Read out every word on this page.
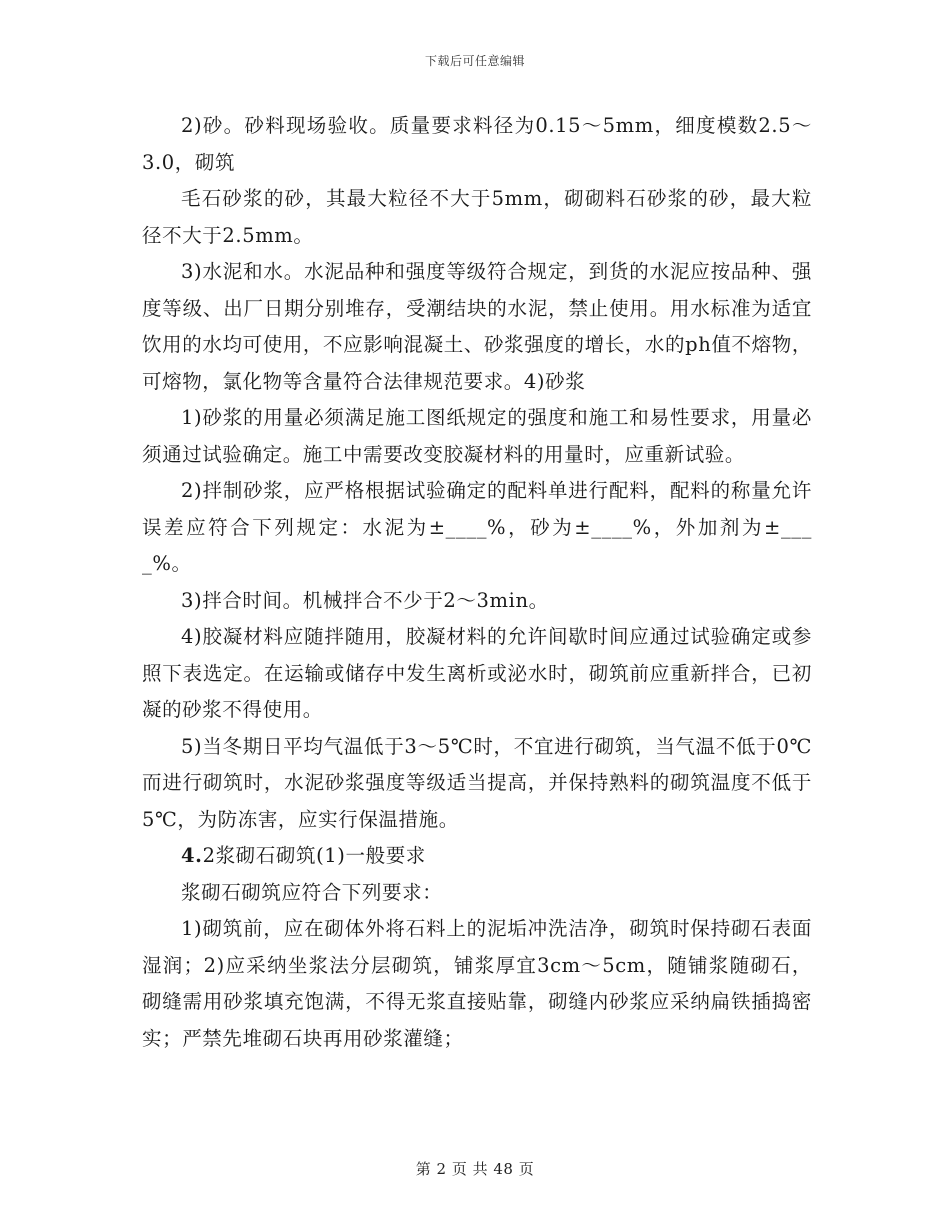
下载后可任意编辑

2)砂。砂料现场验收。质量要求料径为0.15～5mm，细度模数2.5～3.0，砌筑

毛石砂浆的砂，其最大粒径不大于5mm，砌砌料石砂浆的砂，最大粒径不大于2.5mm。

3)水泥和水。水泥品种和强度等级符合规定，到货的水泥应按品种、强度等级、出厂日期分别堆存，受潮结块的水泥，禁止使用。用水标准为适宜饮用的水均可使用，不应影响混凝土、砂浆强度的增长，水的ph值不熔物，可熔物，氯化物等含量符合法律规范要求。4)砂浆

1)砂浆的用量必须满足施工图纸规定的强度和施工和易性要求，用量必须通过试验确定。施工中需要改变胶凝材料的用量时，应重新试验。

2)拌制砂浆，应严格根据试验确定的配料单进行配料，配料的称量允许误差应符合下列规定：水泥为±____%，砂为±____%，外加剂为±____%。

3)拌合时间。机械拌合不少于2～3min。

4)胶凝材料应随拌随用，胶凝材料的允许间歇时间应通过试验确定或参照下表选定。在运输或储存中发生离析或泌水时，砌筑前应重新拌合，已初凝的砂浆不得使用。

5)当冬期日平均气温低于3～5℃时，不宜进行砌筑，当气温不低于0℃而进行砌筑时，水泥砂浆强度等级适当提高，并保持熟料的砌筑温度不低于5℃，为防冻害，应实行保温措施。

4.2浆砌石砌筑(1)一般要求

浆砌石砌筑应符合下列要求：

1)砌筑前，应在砌体外将石料上的泥垢冲洗洁净，砌筑时保持砌石表面湿润；2)应采纳坐浆法分层砌筑，铺浆厚宜3cm～5cm，随铺浆随砌石，砌缝需用砂浆填充饱满，不得无浆直接贴靠，砌缝内砂浆应采纳扁铁插捣密实；严禁先堆砌石块再用砂浆灌缝；

第 2 页 共 48 页
